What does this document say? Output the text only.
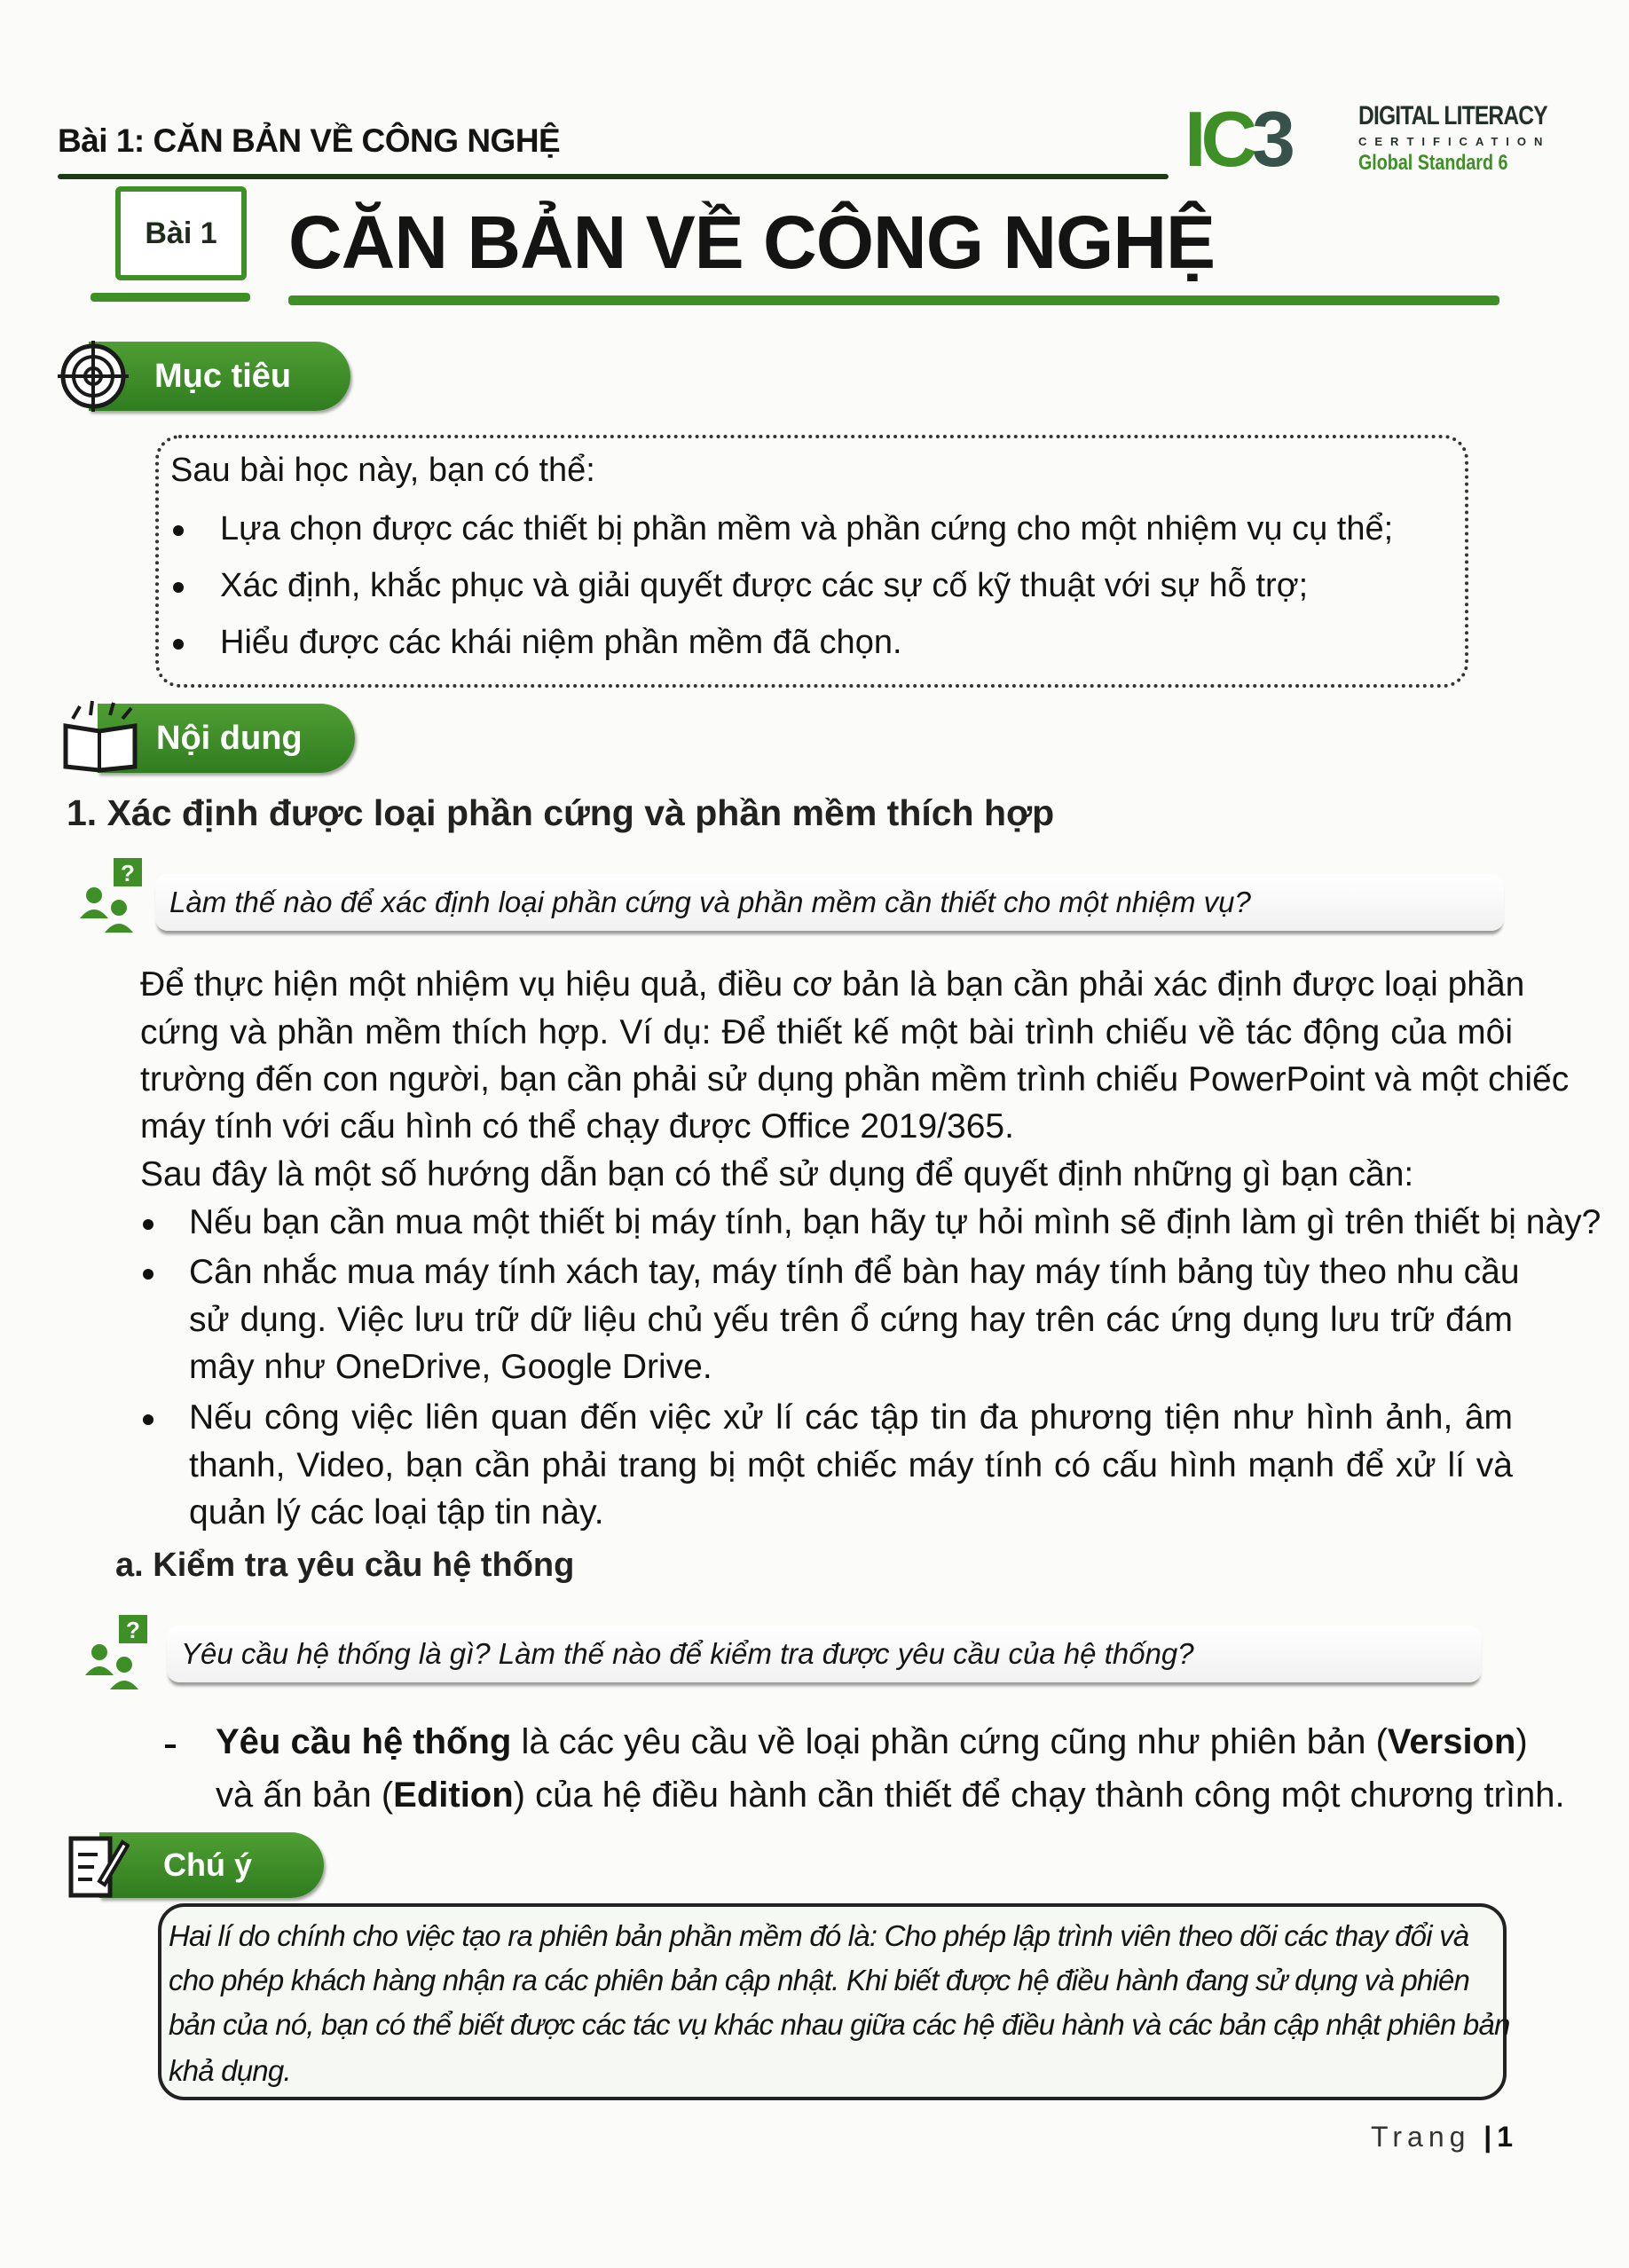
Bài 1: CĂN BẢN VỀ CÔNG NGHỆ	IC3	DIGITAL LITERACY
CERTIFICATION
Global Standard 6
Bài 1 CĂN BẢN VỀ CÔNG NGHỆ
Mục tiêu
Sau bài học này, bạn có thể:
Lựa chọn được các thiết bị phần mềm và phần cứng cho một nhiệm vụ cụ thể;
Xác định, khắc phục và giải quyết được các sự cố kỹ thuật với sự hỗ trợ;
Hiểu được các khái niệm phần mềm đã chọn.
Nội dung
1. Xác định được loại phần cứng và phần mềm thích hợp
?
Làm thế nào để xác định loại phần cứng và phần mềm cần thiết cho một nhiệm vụ?
Để thực hiện một nhiệm vụ hiệu quả, điều cơ bản là bạn cần phải xác định được loại phần
cứng và phần mềm thích hợp. Ví dụ: Để thiết kế một bài trình chiếu về tác động của môi
trường đến con người, bạn cần phải sử dụng phần mềm trình chiếu PowerPoint và một chiếc
máy tính với cấu hình có thể chạy được Office 2019/365.
Sau đây là một số hướng dẫn bạn có thể sử dụng để quyết định những gì bạn cần:
Nếu bạn cần mua một thiết bị máy tính, bạn hãy tự hỏi mình sẽ định làm gì trên thiết bị này?
Cân nhắc mua máy tính xách tay, máy tính để bàn hay máy tính bảng tùy theo nhu cầu
sử dụng. Việc lưu trữ dữ liệu chủ yếu trên ổ cứng hay trên các ứng dụng lưu trữ đám
mây như OneDrive, Google Drive.
Nếu công việc liên quan đến việc xử lí các tập tin đa phương tiện như hình ảnh, âm
thanh, Video, bạn cần phải trang bị một chiếc máy tính có cấu hình mạnh để xử lí và
quản lý các loại tập tin này.
a. Kiểm tra yêu cầu hệ thống
?
Yêu cầu hệ thống là gì? Làm thế nào để kiểm tra được yêu cầu của hệ thống?
Yêu cầu hệ thống là các yêu cầu về loại phần cứng cũng như phiên bản (Version)
và ấn bản (Edition) của hệ điều hành cần thiết để chạy thành công một chương trình.
Chú ý
Hai lí do chính cho việc tạo ra phiên bản phần mềm đó là: Cho phép lập trình viên theo dõi các thay đổi và
cho phép khách hàng nhận ra các phiên bản cập nhật. Khi biết được hệ điều hành đang sử dụng và phiên
bản của nó, bạn có thể biết được các tác vụ khác nhau giữa các hệ điều hành và các bản cập nhật phiên bản
khả dụng.
Trang |1
